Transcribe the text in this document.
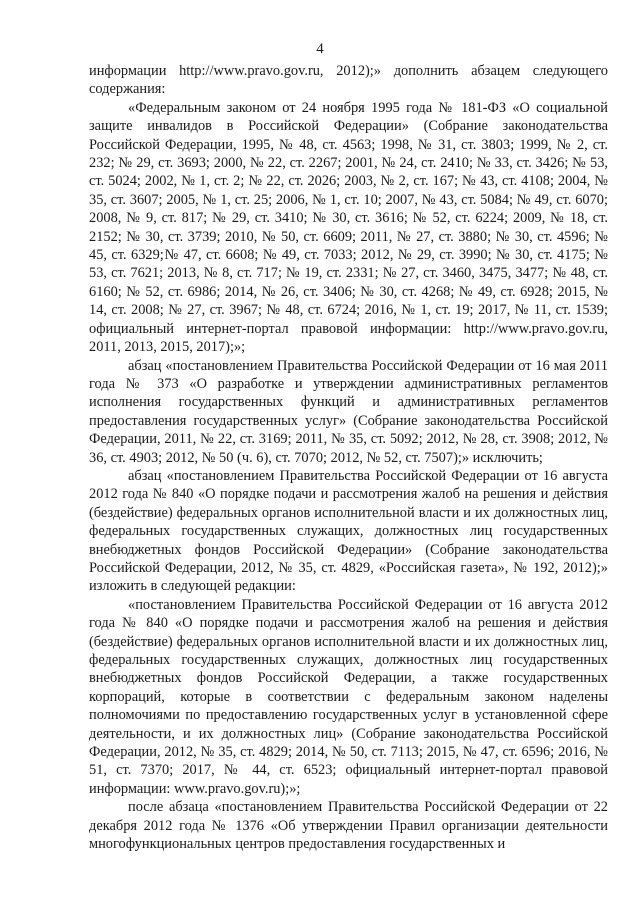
4

информации http://www.pravo.gov.ru, 2012);» дополнить абзацем следующего содержания:

«Федеральным законом от 24 ноября 1995 года № 181-ФЗ «О социальной защите инвалидов в Российской Федерации» (Собрание законодательства Российской Федерации, 1995, № 48, ст. 4563; 1998, № 31, ст. 3803; 1999, № 2, ст. 232; № 29, ст. 3693; 2000, № 22, ст. 2267; 2001, № 24, ст. 2410; № 33, ст. 3426; № 53, ст. 5024; 2002, № 1, ст. 2; № 22, ст. 2026; 2003, № 2, ст. 167; № 43, ст. 4108; 2004, № 35, ст. 3607; 2005, № 1, ст. 25; 2006, № 1, ст. 10; 2007, № 43, ст. 5084; № 49, ст. 6070; 2008, № 9, ст. 817; № 29, ст. 3410; № 30, ст. 3616; № 52, ст. 6224; 2009, № 18, ст. 2152; № 30, ст. 3739; 2010, № 50, ст. 6609; 2011, № 27, ст. 3880; № 30, ст. 4596; № 45, ст. 6329;№ 47, ст. 6608; № 49, ст. 7033; 2012, № 29, ст. 3990; № 30, ст. 4175; № 53, ст. 7621; 2013, № 8, ст. 717; № 19, ст. 2331; № 27, ст. 3460, 3475, 3477; № 48, ст. 6160; № 52, ст. 6986; 2014, № 26, ст. 3406; № 30, ст. 4268; № 49, ст. 6928; 2015, № 14, ст. 2008; № 27, ст. 3967; № 48, ст. 6724; 2016, № 1, ст. 19; 2017, № 11, ст. 1539; официальный интернет-портал правовой информации: http://www.pravo.gov.ru, 2011, 2013, 2015, 2017);»;

абзац «постановлением Правительства Российской Федерации от 16 мая 2011 года № 373 «О разработке и утверждении административных регламентов исполнения государственных функций и административных регламентов предоставления государственных услуг» (Собрание законодательства Российской Федерации, 2011, № 22, ст. 3169; 2011, № 35, ст. 5092; 2012, № 28, ст. 3908; 2012, № 36, ст. 4903; 2012, № 50 (ч. 6), ст. 7070; 2012, № 52, ст. 7507);» исключить;

абзац «постановлением Правительства Российской Федерации от 16 августа 2012 года № 840 «О порядке подачи и рассмотрения жалоб на решения и действия (бездействие) федеральных органов исполнительной власти и их должностных лиц, федеральных государственных служащих, должностных лиц государственных внебюджетных фондов Российской Федерации» (Собрание законодательства Российской Федерации, 2012, № 35, ст. 4829, «Российская газета», № 192, 2012);» изложить в следующей редакции:

«постановлением Правительства Российской Федерации от 16 августа 2012 года № 840 «О порядке подачи и рассмотрения жалоб на решения и действия (бездействие) федеральных органов исполнительной власти и их должностных лиц, федеральных государственных служащих, должностных лиц государственных внебюджетных фондов Российской Федерации, а также государственных корпораций, которые в соответствии с федеральным законом наделены полномочиями по предоставлению государственных услуг в установленной сфере деятельности, и их должностных лиц» (Собрание законодательства Российской Федерации, 2012, № 35, ст. 4829; 2014, № 50, ст. 7113; 2015, № 47, ст. 6596; 2016, № 51, ст. 7370; 2017, № 44, ст. 6523; официальный интернет-портал правовой информации: www.pravo.gov.ru);»;

после абзаца «постановлением Правительства Российской Федерации от 22 декабря 2012 года № 1376 «Об утверждении Правил организации деятельности многофункциональных центров предоставления государственных и
